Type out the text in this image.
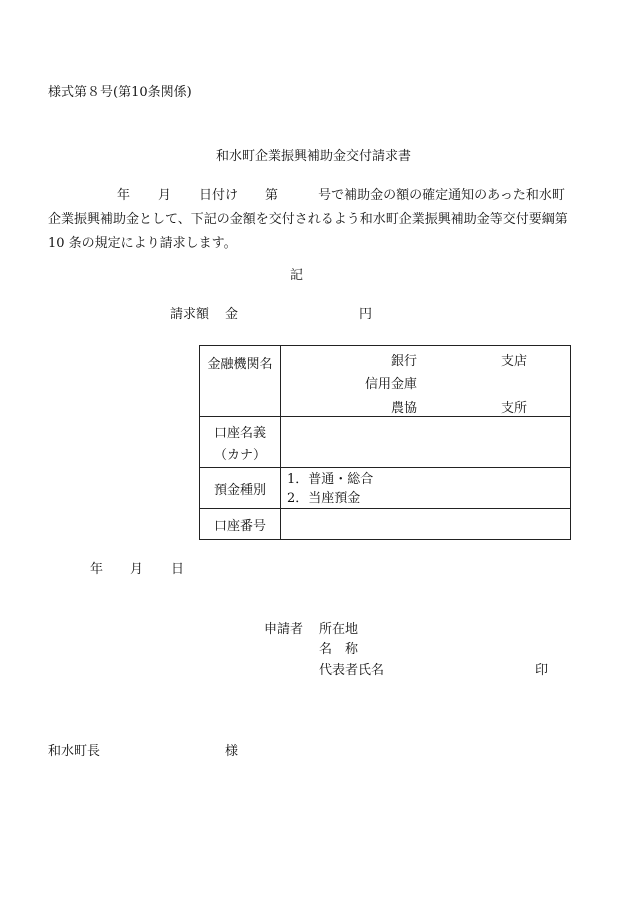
様式第８号(第10条関係)
和水町企業振興補助金交付請求書
年 月 日付け 第	号で補助金の額の確定通知のあった和水町
企業振興補助金として、下記の金額を交付されるよう和水町企業振興補助金等交付要綱第
10 条の規定により請求します。
記
請求額 金	円
金融機関名	銀行 支店
信用金庫
農協 支所

口座名義
（カナ）	

預金種別	1．普通・総合
2．当座預金

口座番号	

年 月 日
申請者 所在地
名　称
代表者氏名	印
和水町長	様
